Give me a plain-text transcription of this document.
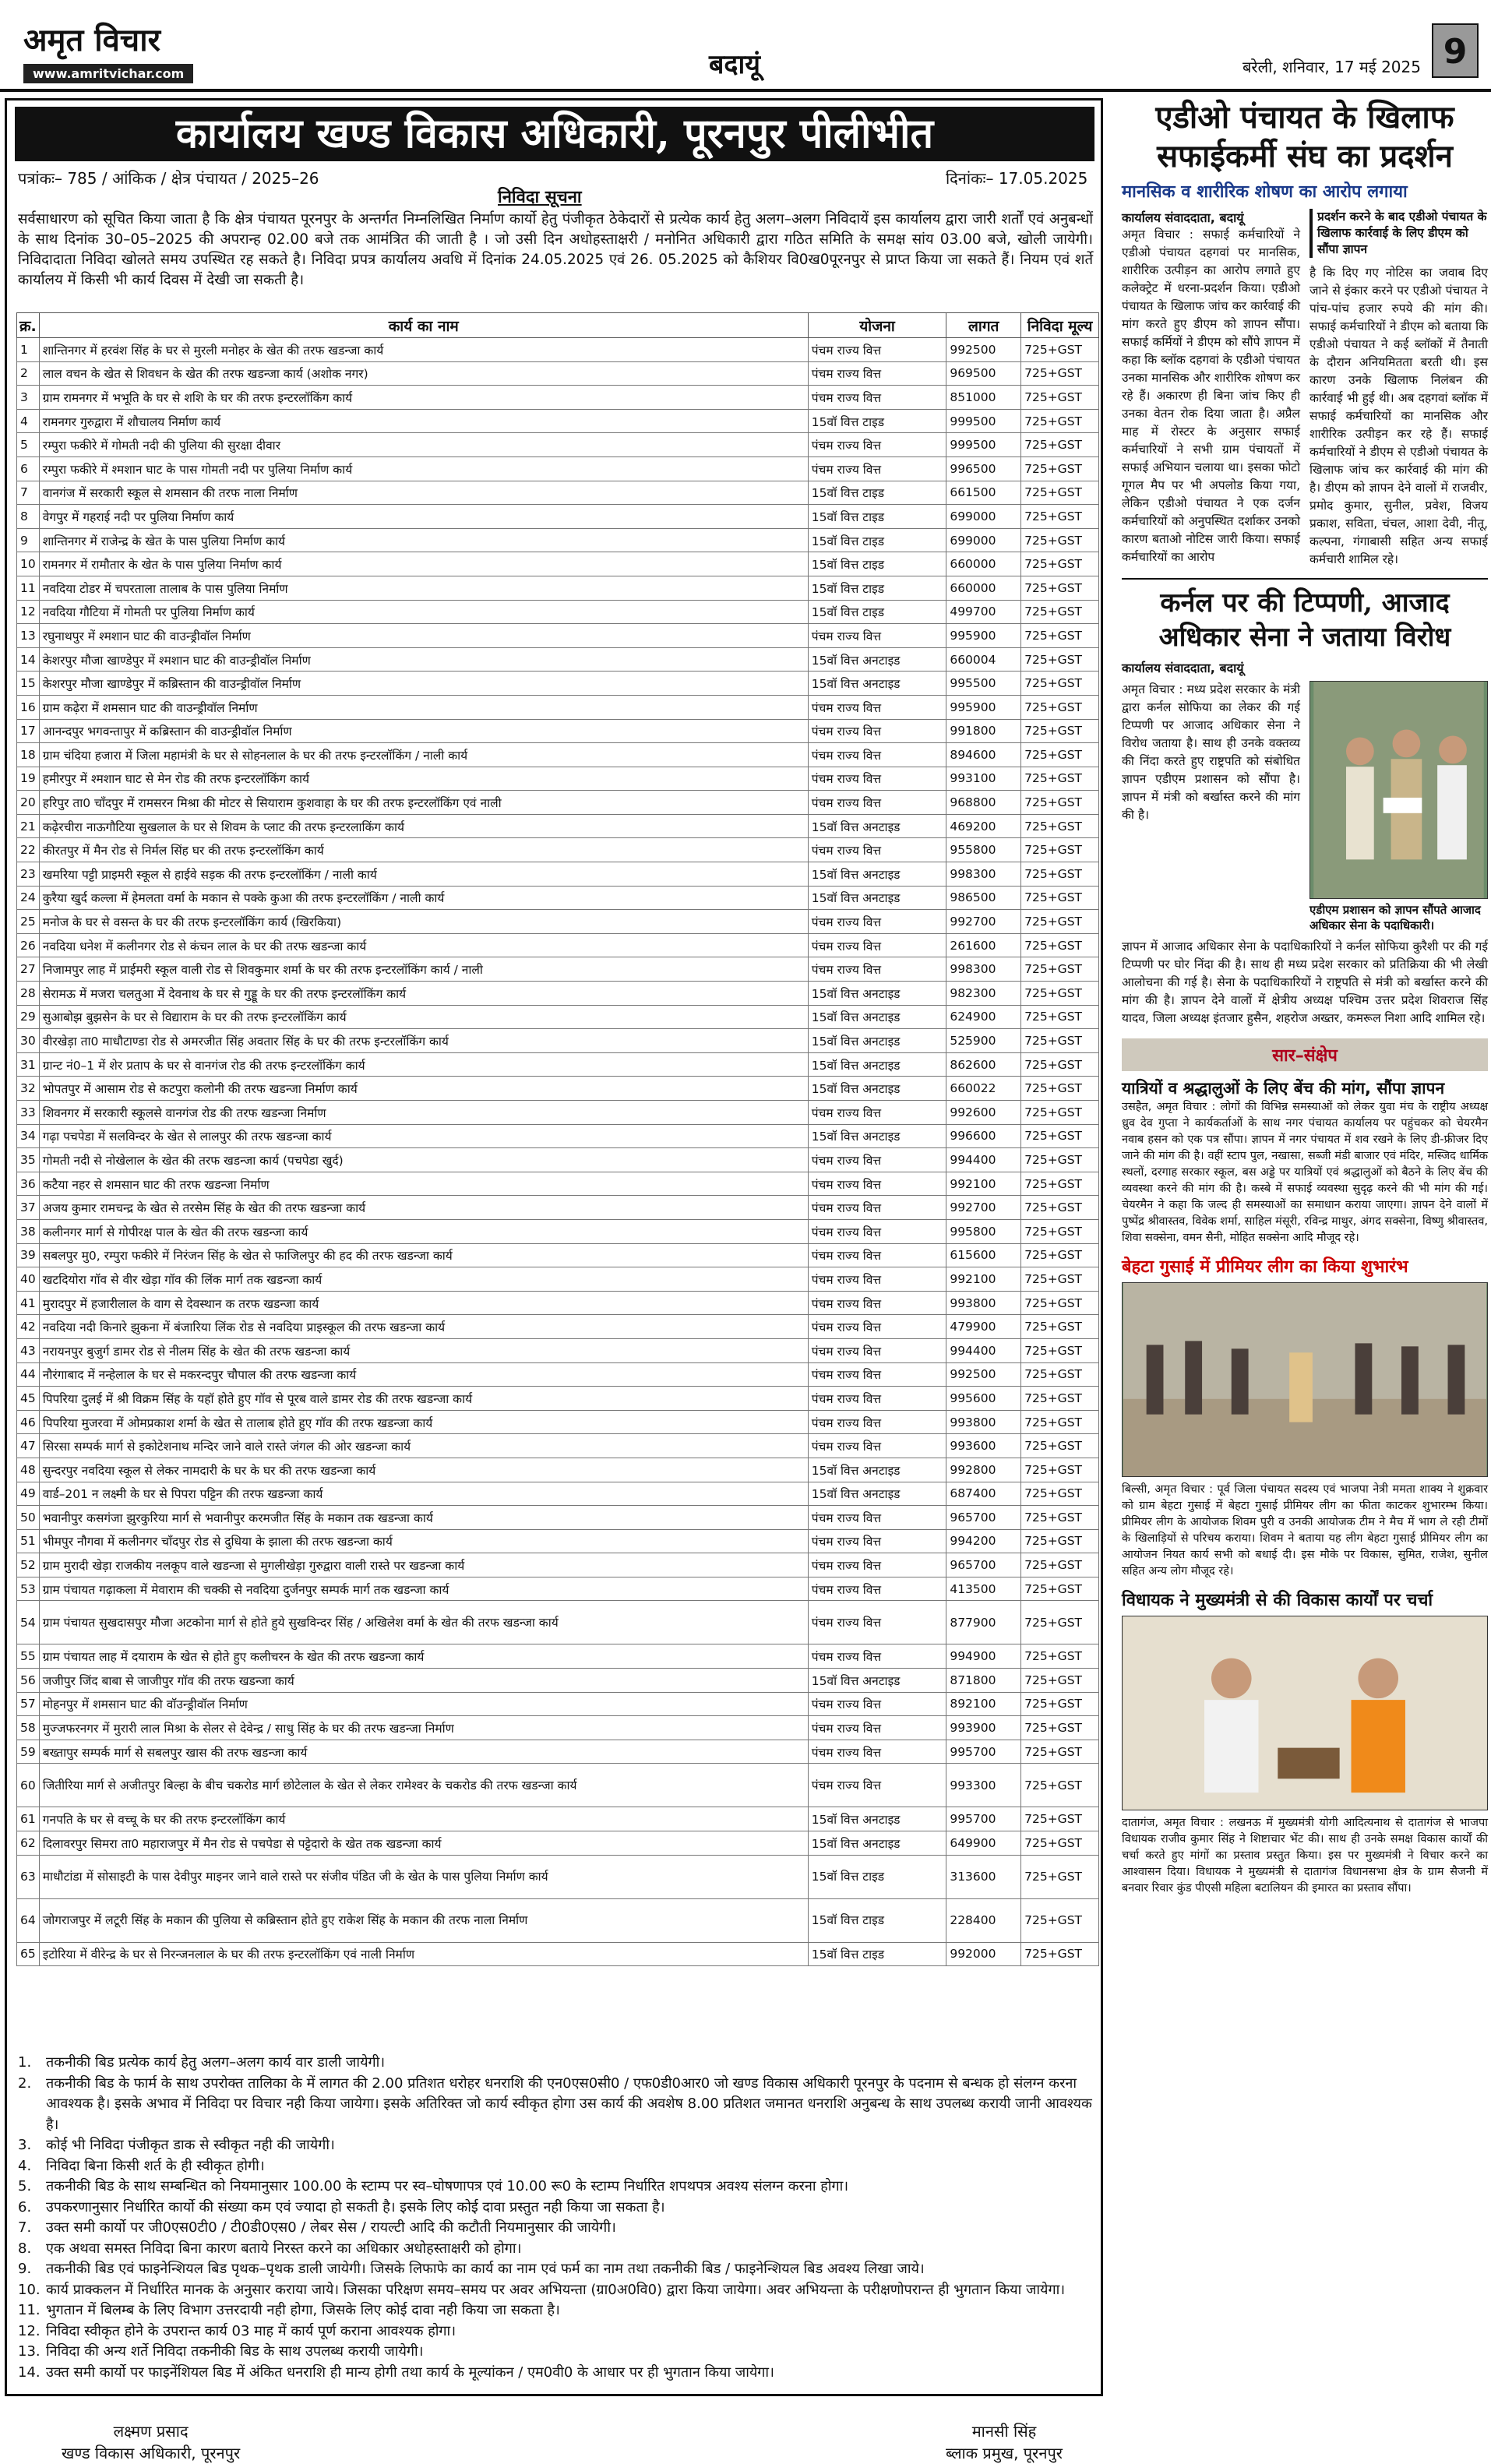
अमृत विचार
www.amritvichar.com	बदायूं	बरेली, शनिवार, 17 मई 2025 9
कार्यालय खण्ड विकास अधिकारी, पूरनपुर पीलीभीत
पत्रांकः– 785 / आंकिक / क्षेत्र पंचायत / 2025–26	दिनांकः– 17.05.2025
निविदा सूचना
सर्वसाधारण को सूचित किया जाता है कि क्षेत्र पंचायत पूरनपुर के अन्तर्गत निम्नलिखित निर्माण कार्यो हेतु पंजीकृत ठेकेदारों से प्रत्येक कार्य हेतु अलग–अलग निविदायें इस कार्यालय द्वारा जारी शर्तों एवं अनुबन्धों के साथ दिनांक 30–05–2025 की अपरान्ह 02.00 बजे तक आमंत्रित की जाती है । जो उसी दिन अधोहस्ताक्षरी / मनोनित अधिकारी द्वारा गठित समिति के समक्ष सांय 03.00 बजे, खोली जायेगी। निविदादाता निविदा खोलते समय उपस्थित रह सकते है। निविदा प्रपत्र कार्यालय अवधि में दिनांक 24.05.2025 एवं 26. 05.2025 को कैशियर वि0ख0पूरनपुर से प्राप्त किया जा सकते हैं। नियम एवं शर्ते कार्यालय में किसी भी कार्य दिवस में देखी जा सकती है।
क्र.	कार्य का नाम	योजना	लागत	निविदा मूल्य
1	शान्तिनगर में हरवंश सिंह के घर से मुरली मनोहर के खेत की तरफ खडन्जा कार्य	पंचम राज्य वित्त	992500	725+GST
2	लाल वचन के खेत से शिवधन के खेत की तरफ खडन्जा कार्य (अशोक नगर)	पंचम राज्य वित्त	969500	725+GST
3	ग्राम रामनगर में भभूति के घर से शशि के घर की तरफ इन्टरलॉकिंग कार्य	पंचम राज्य वित्त	851000	725+GST
4	रामनगर गुरुद्वारा में शौचालय निर्माण कार्य	15वॉ वित्त टाइड	999500	725+GST
5	रम्पुरा फकीरे में गोमती नदी की पुलिया की सुरक्षा दीवार	पंचम राज्य वित्त	999500	725+GST
6	रम्पुरा फकीरे में श्मशान घाट के पास गोमती नदी पर पुलिया निर्माण कार्य	पंचम राज्य वित्त	996500	725+GST
7	वानगंज में सरकारी स्कूल से शमसान की तरफ नाला निर्माण	15वॉ वित्त टाइड	661500	725+GST
8	वेगपुर में गहराई नदी पर पुलिया निर्माण कार्य	15वॉ वित्त टाइड	699000	725+GST
9	शान्तिनगर में राजेन्द्र के खेत के पास पुलिया निर्माण कार्य	15वॉ वित्त टाइड	699000	725+GST
10	रामनगर में रामौतार के खेत के पास पुलिया निर्माण कार्य	15वॉ वित्त टाइड	660000	725+GST
11	नवदिया टोडर में चपरताला तालाब के पास पुलिया निर्माण	15वॉ वित्त टाइड	660000	725+GST
12	नवदिया गौटिया में गोमती पर पुलिया निर्माण कार्य	15वॉ वित्त टाइड	499700	725+GST
13	रघुनाथपुर में श्मशान घाट की वाउन्ड्रीवॉल निर्माण	पंचम राज्य वित्त	995900	725+GST
14	केशरपुर मौजा खाण्डेपुर में श्मशान घाट की वाउन्ड्रीवॉल निर्माण	15वॉ वित्त अनटाइड	660004	725+GST
15	केशरपुर मौजा खाण्डेपुर में कब्रिस्तान की वाउन्ड्रीवॉल निर्माण	15वॉ वित्त अनटाइड	995500	725+GST
16	ग्राम कढ़ेरा में शमसान घाट की वाउन्ड्रीवॉल निर्माण	पंचम राज्य वित्त	995900	725+GST
17	आनन्दपुर भगवन्तापुर में कब्रिस्तान की वाउन्ड्रीवॉल निर्माण	पंचम राज्य वित्त	991800	725+GST
18	ग्राम चंदिया हजारा में जिला महामंत्री के घर से सोहनलाल के घर की तरफ इन्टरलॉकिंग / नाली कार्य	पंचम राज्य वित्त	894600	725+GST
19	हमीरपुर में श्मशान घाट से मेन रोड की तरफ इन्टरलॉकिंग कार्य	पंचम राज्य वित्त	993100	725+GST
20	हरिपुर ता0 चाँदपुर में रामसरन मिश्रा की मोटर से सियाराम कुशवाहा के घर की तरफ इन्टरलॉकिंग एवं नाली	पंचम राज्य वित्त	968800	725+GST
21	कढ़ेरचीरा नाऊगौटिया सुखलाल के घर से शिवम के प्लाट की तरफ इन्टरलाकिंग कार्य	15वॉ वित्त अनटाइड	469200	725+GST
22	कीरतपुर में मैन रोड से निर्मल सिंह घर की तरफ इन्टरलॉकिंग कार्य	पंचम राज्य वित्त	955800	725+GST
23	खमरिया पट्टी प्राइमरी स्कूल से हाईवे सड़क की तरफ इन्टरलॉकिंग / नाली कार्य	15वॉ वित्त अनटाइड	998300	725+GST
24	कुरैया खुर्द कल्ला में हेमलता वर्मा के मकान से पक्के कुआ की तरफ इन्टरलॉकिंग / नाली कार्य	15वॉ वित्त अनटाइड	986500	725+GST
25	मनोज के घर से वसन्त के घर की तरफ इन्टरलॉकिंग कार्य (खिरकिया)	पंचम राज्य वित्त	992700	725+GST
26	नवदिया धनेश में कलीनगर रोड से कंचन लाल के घर की तरफ खडन्जा कार्य	पंचम राज्य वित्त	261600	725+GST
27	निजामपुर लाह में प्राईमरी स्कूल वाली रोड से शिवकुमार शर्मा के घर की तरफ इन्टरलॉकिंग कार्य / नाली	पंचम राज्य वित्त	998300	725+GST
28	सेरामऊ में मजरा चलतुआ में देवनाथ के घर से गुड्डू के घर की तरफ इन्टरलॉकिंग कार्य	15वॉ वित्त अनटाइड	982300	725+GST
29	सुआबोझ बुझसेन के घर से विद्याराम के घर की तरफ इन्टरलॉकिंग कार्य	15वॉ वित्त अनटाइड	624900	725+GST
30	वीरखेड़ा ता0 माधौटाण्डा रोड से अमरजीत सिंह अवतार सिंह के घर की तरफ इन्टरलॉकिंग कार्य	15वॉ वित्त अनटाइड	525900	725+GST
31	ग्रान्ट नं0–1 में शेर प्रताप के घर से वानगंज रोड की तरफ इन्टरलॉकिंग कार्य	15वॉ वित्त अनटाइड	862600	725+GST
32	भोपतपुर में आसाम रोड से कटपुरा कलोनी की तरफ खडन्जा निर्माण कार्य	15वॉ वित्त अनटाइड	660022	725+GST
33	शिवनगर में सरकारी स्कूलसे वानगंज रोड की तरफ खडन्जा निर्माण	पंचम राज्य वित्त	992600	725+GST
34	गढ़ा पचपेडा में सलविन्दर के खेत से लालपुर की तरफ खडन्जा कार्य	15वॉ वित्त अनटाइड	996600	725+GST
35	गोमती नदी से नोखेलाल के खेत की तरफ खडन्जा कार्य (पचपेडा खुर्द)	पंचम राज्य वित्त	994400	725+GST
36	कटैया नहर से शमसान घाट की तरफ खडन्जा निर्माण	पंचम राज्य वित्त	992100	725+GST
37	अजय कुमार रामचन्द्र के खेत से तरसेम सिंह के खेत की तरफ खडन्जा कार्य	पंचम राज्य वित्त	992700	725+GST
38	कलीनगर मार्ग से गोपीरक्ष पाल के खेत की तरफ खडन्जा कार्य	पंचम राज्य वित्त	995800	725+GST
39	सबलपुर मु0, रम्पुरा फकीरे में निरंजन सिंह के खेत से फाजिलपुर की हद की तरफ खडन्जा कार्य	पंचम राज्य वित्त	615600	725+GST
40	खटदियोरा गॉव से वीर खेड़ा गॉव की लिंक मार्ग तक खडन्जा कार्य	पंचम राज्य वित्त	992100	725+GST
41	मुरादपुर में हजारीलाल के वाग से देवस्थान क तरफ खडन्जा कार्य	पंचम राज्य वित्त	993800	725+GST
42	नवदिया नदी किनारे झुकना में बंजारिया लिंक रोड से नवदिया प्राइस्कूल की तरफ खडन्जा कार्य	पंचम राज्य वित्त	479900	725+GST
43	नरायनपुर बुजुर्ग डामर रोड से नीलम सिंह के खेत की तरफ खडन्जा कार्य	पंचम राज्य वित्त	994400	725+GST
44	नौरंगाबाद में नन्हेलाल के घर से मकरन्दपुर चौपाल की तरफ खडन्जा कार्य	पंचम राज्य वित्त	992500	725+GST
45	पिपरिया दुलई में श्री विक्रम सिंह के यहॉ होते हुए गॉव से पूरब वाले डामर रोड की तरफ खडन्जा कार्य	पंचम राज्य वित्त	995600	725+GST
46	पिपरिया मुजरवा में ओमप्रकाश शर्मा के खेत से तालाब होते हुए गॉव की तरफ खडन्जा कार्य	पंचम राज्य वित्त	993800	725+GST
47	सिरसा सम्पर्क मार्ग से इकोटेशनाथ मन्दिर जाने वाले रास्ते जंगल की ओर खडन्जा कार्य	पंचम राज्य वित्त	993600	725+GST
48	सुन्दरपुर नवदिया स्कूल से लेकर नामदारी के घर के घर की तरफ खडन्जा कार्य	15वॉ वित्त अनटाइड	992800	725+GST
49	वार्ड–201 न लक्ष्मी के घर से पिपरा पट्टिन की तरफ खडन्जा कार्य	15वॉ वित्त अनटाइड	687400	725+GST
50	भवानीपुर कसगंजा झुरकुरिया मार्ग से भवानीपुर करमजीत सिंह के मकान तक खडन्जा कार्य	पंचम राज्य वित्त	965700	725+GST
51	भीमपुर नौगवा में कलीनगर चाँदपुर रोड से दुधिया के झाला की तरफ खडन्जा कार्य	पंचम राज्य वित्त	994200	725+GST
52	ग्राम मुरादी खेड़ा राजकीय नलकूप वाले खडन्जा से मुगलीखेड़ा गुरुद्वारा वाली रास्ते पर खडन्जा कार्य	पंचम राज्य वित्त	965700	725+GST
53	ग्राम पंचायत गढ़ाकला में मेवाराम की चक्की से नवदिया दुर्जनपुर सम्पर्क मार्ग तक खडन्जा कार्य	पंचम राज्य वित्त	413500	725+GST
54	ग्राम पंचायत सुखदासपुर मौजा अटकोना मार्ग से होते हुये सुखविन्दर सिंह / अखिलेश वर्मा के खेत की तरफ खडन्जा कार्य	पंचम राज्य वित्त	877900	725+GST
55	ग्राम पंचायत लाह में दयाराम के खेत से होते हुए कलीचरन के खेत की तरफ खडन्जा कार्य	पंचम राज्य वित्त	994900	725+GST
56	जजीपुर जिंद बाबा से जाजीपुर गॉव की तरफ खडन्जा कार्य	15वॉ वित्त अनटाइड	871800	725+GST
57	मोहनपुर में शमसान घाट की वॉउन्ड्रीवॉल निर्माण	पंचम राज्य वित्त	892100	725+GST
58	मुज्जफरनगर में मुरारी लाल मिश्रा के सेलर से देवेन्द्र / साधु सिंह के घर की तरफ खडन्जा निर्माण	पंचम राज्य वित्त	993900	725+GST
59	बख्तापुर सम्पर्क मार्ग से सबलपुर खास की तरफ खडन्जा कार्य	पंचम राज्य वित्त	995700	725+GST
60	जितीरिया मार्ग से अजीतपुर बिल्हा के बीच चकरोड मार्ग छोटेलाल के खेत से लेकर रामेश्वर के चकरोड की तरफ खडन्जा कार्य	पंचम राज्य वित्त	993300	725+GST
61	गनपति के घर से वच्चू के घर की तरफ इन्टरलॉकिंग कार्य	15वॉ वित्त अनटाइड	995700	725+GST
62	दिलावरपुर सिमरा ता0 महाराजपुर में मैन रोड से पचपेडा से पट्टेदारो के खेत तक खडन्जा कार्य	15वॉ वित्त अनटाइड	649900	725+GST
63	माधौटांडा में सोसाइटी के पास देवीपुर माइनर जाने वाले रास्ते पर संजीव पंडित जी के खेत के पास पुलिया निर्माण कार्य	15वॉ वित्त टाइड	313600	725+GST
64	जोगराजपुर में लटूरी सिंह के मकान की पुलिया से कब्रिस्तान होते हुए राकेश सिंह के मकान की तरफ नाला निर्माण	15वॉ वित्त टाइड	228400	725+GST
65	इटोरिया में वीरेन्द्र के घर से निरन्जनलाल के घर की तरफ इन्टरलॉकिंग एवं नाली निर्माण	15वॉ वित्त टाइड	992000	725+GST
1. तकनीकी बिड प्रत्येक कार्य हेतु अलग–अलग कार्य वार डाली जायेगी।
2. तकनीकी बिड के फार्म के साथ उपरोक्त तालिका के में लागत की 2.00 प्रतिशत धरोहर धनराशि की एन0एस0सी0 / एफ0डी0आर0 जो खण्ड विकास अधिकारी पूरनपुर के पदनाम से बन्धक हो संलग्न करना आवश्यक है। इसके अभाव में निविदा पर विचार नही किया जायेगा। इसके अतिरिक्त जो कार्य स्वीकृत होगा उस कार्य की अवशेष 8.00 प्रतिशत जमानत धनराशि अनुबन्ध के साथ उपलब्ध करायी जानी आवश्यक है।
3. कोई भी निविदा पंजीकृत डाक से स्वीकृत नही की जायेगी।
4. निविदा बिना किसी शर्त के ही स्वीकृत होगी।
5. तकनीकी बिड के साथ सम्बन्धित को नियमानुसार 100.00 के स्टाम्प पर स्व–घोषणापत्र एवं 10.00 रू0 के स्टाम्प निर्धारित शपथपत्र अवश्य संलग्न करना होगा।
6. उपकरणानुसार निर्धारित कार्यो की संख्या कम एवं ज्यादा हो सकती है। इसके लिए कोई दावा प्रस्तुत नही किया जा सकता है।
7. उक्त समी कार्यो पर जी0एस0टी0 / टी0डी0एस0 / लेबर सेस / रायल्टी आदि की कटौती नियमानुसार की जायेगी।
8. एक अथवा समस्त निविदा बिना कारण बताये निरस्त करने का अधिकार अधोहस्ताक्षरी को होगा।
9. तकनीकी बिड एवं फाइनेन्शियल बिड पृथक–पृथक डाली जायेगी। जिसके लिफाफे का कार्य का नाम एवं फर्म का नाम तथा तकनीकी बिड / फाइनेन्शियल बिड अवश्य लिखा जाये।
10. कार्य प्राक्कलन में निर्धारित मानक के अनुसार कराया जाये। जिसका परिक्षण समय–समय पर अवर अभियन्ता (ग्रा0अ0वि0) द्वारा किया जायेगा। अवर अभियन्ता के परीक्षणोपरान्त ही भुगतान किया जायेगा।
11. भुगतान में बिलम्ब के लिए विभाग उत्तरदायी नही होगा, जिसके लिए कोई दावा नही किया जा सकता है।
12. निविदा स्वीकृत होने के उपरान्त कार्य 03 माह में कार्य पूर्ण कराना आवश्यक होगा।
13. निविदा की अन्य शर्ते निविदा तकनीकी बिड के साथ उपलब्ध करायी जायेगी।
14. उक्त समी कार्यो पर फाइनेंशियल बिड में अंकित धनराशि ही मान्य होगी तथा कार्य के मूल्यांकन / एम0वी0 के आधार पर ही भुगतान किया जायेगा।
लक्ष्मण प्रसाद
खण्ड विकास अधिकारी, पूरनपुर
मानसी सिंह
ब्लाक प्रमुख, पूरनपुर
एडीओ पंचायत के खिलाफ
सफाईकर्मी संघ का प्रदर्शन
मानसिक व शारीरिक शोषण का आरोप लगाया
कार्यालय संवाददाता, बदायूं
अमृत विचार : सफाई कर्मचारियों ने एडीओ पंचायत दहगवां पर मानसिक, शारीरिक उत्पीड़न का आरोप लगाते हुए कलेक्ट्रेट में धरना-प्रदर्शन किया। एडीओ पंचायत के खिलाफ जांच कर कार्रवाई की मांग करते हुए डीएम को ज्ञापन सौंपा। सफाई कर्मियों ने डीएम को सौंपे ज्ञापन में कहा कि ब्लॉक दहगवां के एडीओ पंचायत उनका मानसिक और शारीरिक शोषण कर रहे हैं। अकारण ही बिना जांच किए ही उनका वेतन रोक दिया जाता है। अप्रैल माह में रोस्टर के अनुसार सफाई कर्मचारियों ने सभी ग्राम पंचायतों में सफाई अभियान चलाया था। इसका फोटो गूगल मैप पर भी अपलोड किया गया, लेकिन एडीओ पंचायत ने एक दर्जन कर्मचारियों को अनुपस्थित दर्शाकर उनको कारण बताओ नोटिस जारी किया। सफाई कर्मचारियों का आरोप
प्रदर्शन करने के बाद एडीओ पंचायत के खिलाफ कार्रवाई के लिए डीएम को सौंपा ज्ञापन
है कि दिए गए नोटिस का जवाब दिए जाने से इंकार करने पर एडीओ पंचायत ने पांच-पांच हजार रुपये की मांग की। सफाई कर्मचारियों ने डीएम को बताया कि एडीओ पंचायत ने कई ब्लॉकों में तैनाती के दौरान अनियमितता बरती थी। इस कारण उनके खिलाफ निलंबन की कार्रवाई भी हुई थी। अब दहगवां ब्लॉक में सफाई कर्मचारियों का मानसिक और शारीरिक उत्पीड़न कर रहे हैं। सफाई कर्मचारियों ने डीएम से एडीओ पंचायत के खिलाफ जांच कर कार्रवाई की मांग की है। डीएम को ज्ञापन देने वालों में राजवीर, प्रमोद कुमार, सुनील, प्रवेश, विजय प्रकाश, सविता, चंचल, आशा देवी, नीतू, कल्पना, गंगाबासी सहित अन्य सफाई कर्मचारी शामिल रहे।
कर्नल पर की टिप्पणी, आजाद
अधिकार सेना ने जताया विरोध
कार्यालय संवाददाता, बदायूं
अमृत विचार : मध्य प्रदेश सरकार के मंत्री द्वारा कर्नल सोफिया का लेकर की गई टिप्पणी पर आजाद अधिकार सेना ने विरोध जताया है। साथ ही उनके वक्तव्य की निंदा करते हुए राष्ट्रपति को संबोधित ज्ञापन एडीएम प्रशासन को सौंपा है। ज्ञापन में मंत्री को बर्खास्त करने की मांग की है।
एडीएम प्रशासन को ज्ञापन सौंपते आजाद अधिकार सेना के पदाधिकारी।
ज्ञापन में आजाद अधिकार सेना के पदाधिकारियों ने कर्नल सोफिया कुरैशी पर की गई टिप्पणी पर घोर निंदा की है। साथ ही मध्य प्रदेश सरकार को प्रतिक्रिया की भी लेखी आलोचना की गई है। सेना के पदाधिकारियों ने राष्ट्रपति से मंत्री को बर्खास्त करने की मांग की है। ज्ञापन देने वालों में क्षेत्रीय अध्यक्ष पश्चिम उत्तर प्रदेश शिवराज सिंह यादव, जिला अध्यक्ष इंतजार हुसैन, शहरोज अख्तर, कमरूल निशा आदि शामिल रहे।
सार–संक्षेप
यात्रियों व श्रद्धालुओं के लिए बेंच की मांग, सौंपा ज्ञापन
उसहैत, अमृत विचार : लोगों की विभिन्न समस्याओं को लेकर युवा मंच के राष्ट्रीय अध्यक्ष ध्रुव देव गुप्ता ने कार्यकर्ताओं के साथ नगर पंचायत कार्यालय पर पहुंचकर को चेयरमैन नवाब हसन को एक पत्र सौंपा। ज्ञापन में नगर पंचायत में शव रखने के लिए डी-फ्रीजर दिए जाने की मांग की है। वहीं स्टाप पुल, नखासा, सब्जी मंडी बाजार एवं मंदिर, मस्जिद धार्मिक स्थलों, दरगाह सरकार स्कूल, बस अड्डे पर यात्रियों एवं श्रद्धालुओं को बैठने के लिए बेंच की व्यवस्था करने की मांग की है। कस्बे में सफाई व्यवस्था सुदृढ़ करने की भी मांग की गई। चेयरमैन ने कहा कि जल्द ही समस्याओं का समाधान कराया जाएगा। ज्ञापन देने वालों में पुष्पेंद्र श्रीवास्तव, विवेक शर्मा, साहिल मंसूरी, रविन्द्र माथुर, अंगद सक्सेना, विष्णु श्रीवास्तव, शिवा सक्सेना, वमन सैनी, मोहित सक्सेना आदि मौजूद रहे।
बेहटा गुसाई में प्रीमियर लीग का किया शुभारंभ
बिल्सी, अमृत विचार : पूर्व जिला पंचायत सदस्य एवं भाजपा नेत्री ममता शाक्य ने शुक्रवार को ग्राम बेहटा गुसाई में बेहटा गुसाई प्रीमियर लीग का फीता काटकर शुभारम्भ किया। प्रीमियर लीग के आयोजक शिवम पुरी व उनकी आयोजक टीम ने मैच में भाग ले रही टीमों के खिलाड़ियों से परिचय कराया। शिवम ने बताया यह लीग बेहटा गुसाई प्रीमियर लीग का आयोजन नियत कार्य सभी को बधाई दी। इस मौके पर विकास, सुमित, राजेश, सुनील सहित अन्य लोग मौजूद रहे।
विधायक ने मुख्यमंत्री से की विकास कार्यों पर चर्चा
दातागंज, अमृत विचार : लखनऊ में मुख्यमंत्री योगी आदित्यनाथ से दातागंज से भाजपा विधायक राजीव कुमार सिंह ने शिष्टाचार भेंट की। साथ ही उनके समक्ष विकास कार्यों की चर्चा करते हुए मांगों का प्रस्ताव प्रस्तुत किया। इस पर मुख्यमंत्री ने विचार करने का आश्वासन दिया। विधायक ने मुख्यमंत्री से दातागंज विधानसभा क्षेत्र के ग्राम सैजनी में बनवार रिवार कुंड पीएसी महिला बटालियन की इमारत का प्रस्ताव सौंपा।
